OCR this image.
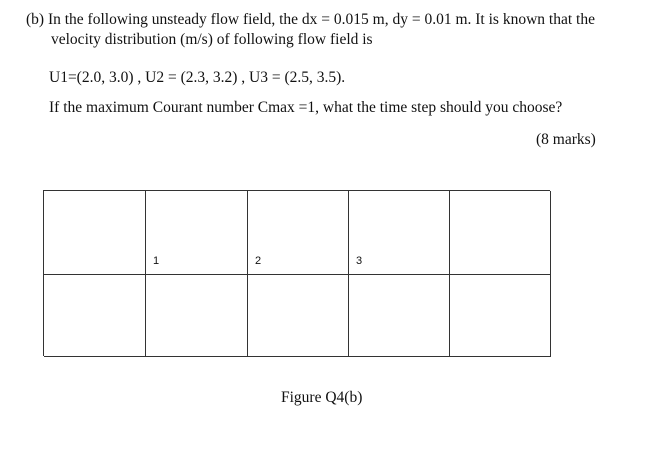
(b) In the following unsteady flow field, the dx = 0.015 m, dy = 0.01 m. It is known that the
velocity distribution (m/s) of following flow field is
U1=(2.0, 3.0) , U2 = (2.3, 3.2) , U3 = (2.5, 3.5).
If the maximum Courant number Cmax =1, what the time step should you choose?
(8 marks)
1	2	3
Figure Q4(b)
